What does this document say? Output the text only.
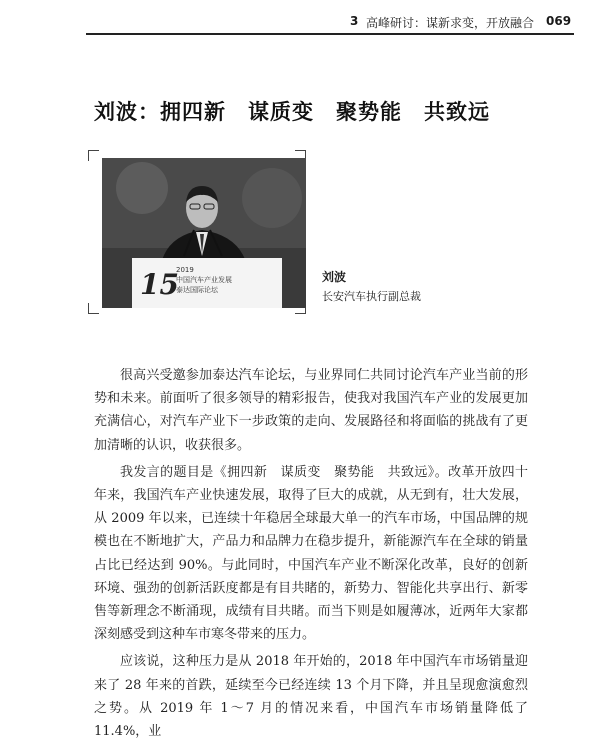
3 高峰研讨：谋新求变，开放融合 069
刘波：拥四新　谋质变　聚势能　共致远
15
2019
中国汽车产业发展
泰达国际论坛
刘波
长安汽车执行副总裁

很高兴受邀参加泰达汽车论坛，与业界同仁共同讨论汽车产业当前的形势和未来。前面听了很多领导的精彩报告，使我对我国汽车产业的发展更加充满信心，对汽车产业下一步政策的走向、发展路径和将面临的挑战有了更加清晰的认识，收获很多。

我发言的题目是《拥四新　谋质变　聚势能　共致远》。改革开放四十年来，我国汽车产业快速发展，取得了巨大的成就，从无到有，壮大发展，从 2009 年以来，已连续十年稳居全球最大单一的汽车市场，中国品牌的规模也在不断地扩大，产品力和品牌力在稳步提升，新能源汽车在全球的销量占比已经达到 90%。与此同时，中国汽车产业不断深化改革，良好的创新环境、强劲的创新活跃度都是有目共睹的，新势力、智能化共享出行、新零售等新理念不断涌现，成绩有目共睹。而当下则是如履薄冰，近两年大家都深刻感受到这种车市寒冬带来的压力。

应该说，这种压力是从 2018 年开始的，2018 年中国汽车市场销量迎来了 28 年来的首跌，延续至今已经连续 13 个月下降，并且呈现愈演愈烈之势。从 2019 年 1～7 月的情况来看，中国汽车市场销量降低了 11.4%，业
